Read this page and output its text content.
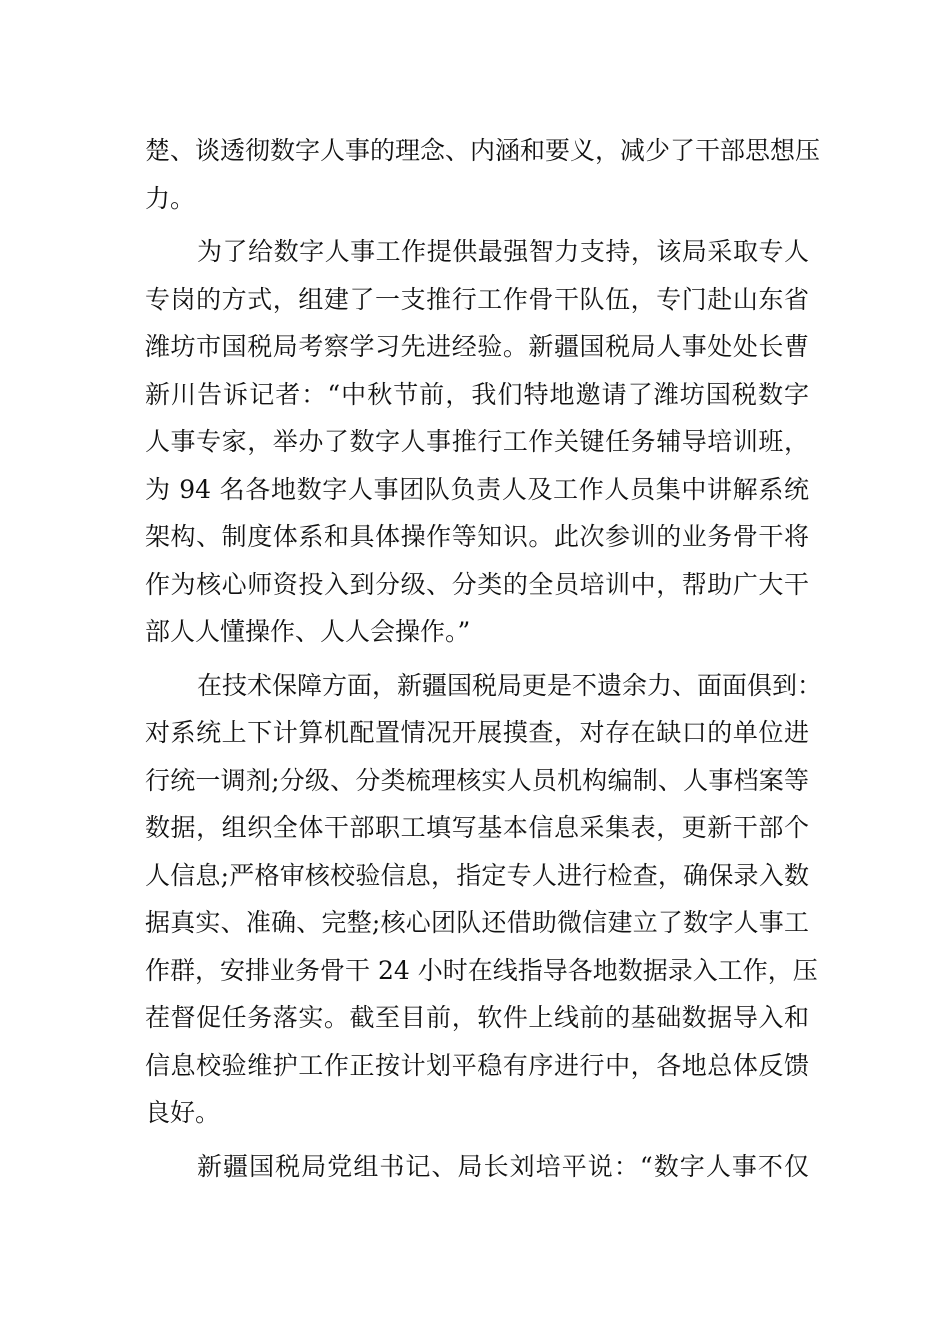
楚、谈透彻数字人事的理念、内涵和要义，减少了干部思想压
力。
为了给数字人事工作提供最强智力支持，该局采取专人
专岗的方式，组建了一支推行工作骨干队伍，专门赴山东省
潍坊市国税局考察学习先进经验。新疆国税局人事处处长曹
新川告诉记者：“中秋节前，我们特地邀请了潍坊国税数字
人事专家，举办了数字人事推行工作关键任务辅导培训班，
为 94 名各地数字人事团队负责人及工作人员集中讲解系统
架构、制度体系和具体操作等知识。此次参训的业务骨干将
作为核心师资投入到分级、分类的全员培训中，帮助广大干
部人人懂操作、人人会操作。”
在技术保障方面，新疆国税局更是不遗余力、面面俱到：
对系统上下计算机配置情况开展摸查，对存在缺口的单位进
行统一调剂;分级、分类梳理核实人员机构编制、人事档案等
数据，组织全体干部职工填写基本信息采集表，更新干部个
人信息;严格审核校验信息，指定专人进行检查，确保录入数
据真实、准确、完整;核心团队还借助微信建立了数字人事工
作群，安排业务骨干 24 小时在线指导各地数据录入工作，压
茬督促任务落实。截至目前，软件上线前的基础数据导入和
信息校验维护工作正按计划平稳有序进行中，各地总体反馈
良好。
新疆国税局党组书记、局长刘培平说：“数字人事不仅
